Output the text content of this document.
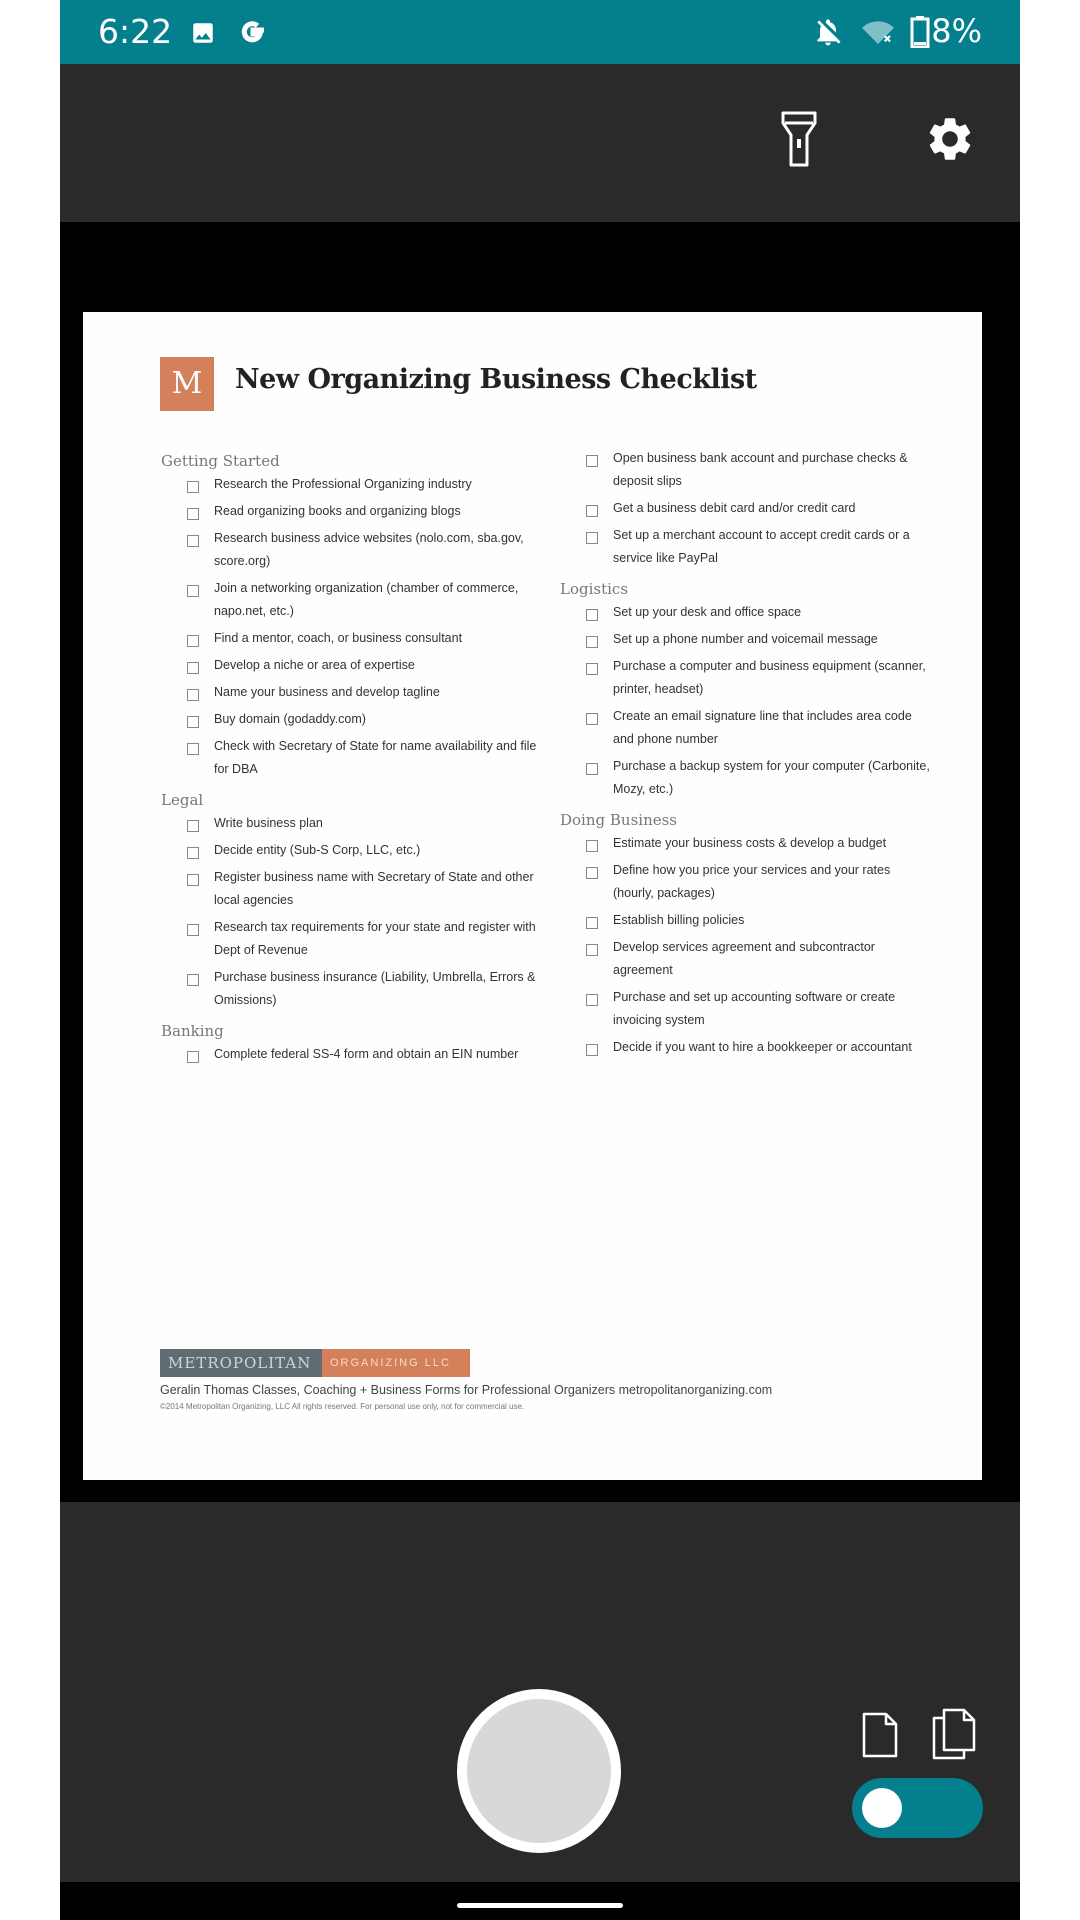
6:22	8%
M	New Organizing Business Checklist
Getting Started
Research the Professional Organizing industry
Read organizing books and organizing blogs
Research business advice websites (nolo.com, sba.gov, score.org)
Join a networking organization (chamber of commerce, napo.net, etc.)
Find a mentor, coach, or business consultant
Develop a niche or area of expertise
Name your business and develop tagline
Buy domain (godaddy.com)
Check with Secretary of State for name availability and file for DBA
Legal
Write business plan
Decide entity (Sub-S Corp, LLC, etc.)
Register business name with Secretary of State and other local agencies
Research tax requirements for your state and register with Dept of Revenue
Purchase business insurance (Liability, Umbrella, Errors & Omissions)
Banking
Complete federal SS-4 form and obtain an EIN number
Open business bank account and purchase checks & deposit slips
Get a business debit card and/or credit card
Set up a merchant account to accept credit cards or a service like PayPal
Logistics
Set up your desk and office space
Set up a phone number and voicemail message
Purchase a computer and business equipment (scanner, printer, headset)
Create an email signature line that includes area code and phone number
Purchase a backup system for your computer (Carbonite, Mozy, etc.)
Doing Business
Estimate your business costs & develop a budget
Define how you price your services and your rates (hourly, packages)
Establish billing policies
Develop services agreement and subcontractor agreement
Purchase and set up accounting software or create invoicing system
Decide if you want to hire a bookkeeper or accountant
METROPOLITAN	ORGANIZING LLC
Geralin Thomas Classes, Coaching + Business Forms for Professional Organizers metropolitanorganizing.com
©2014 Metropolitan Organizing, LLC All rights reserved. For personal use only, not for commercial use.
